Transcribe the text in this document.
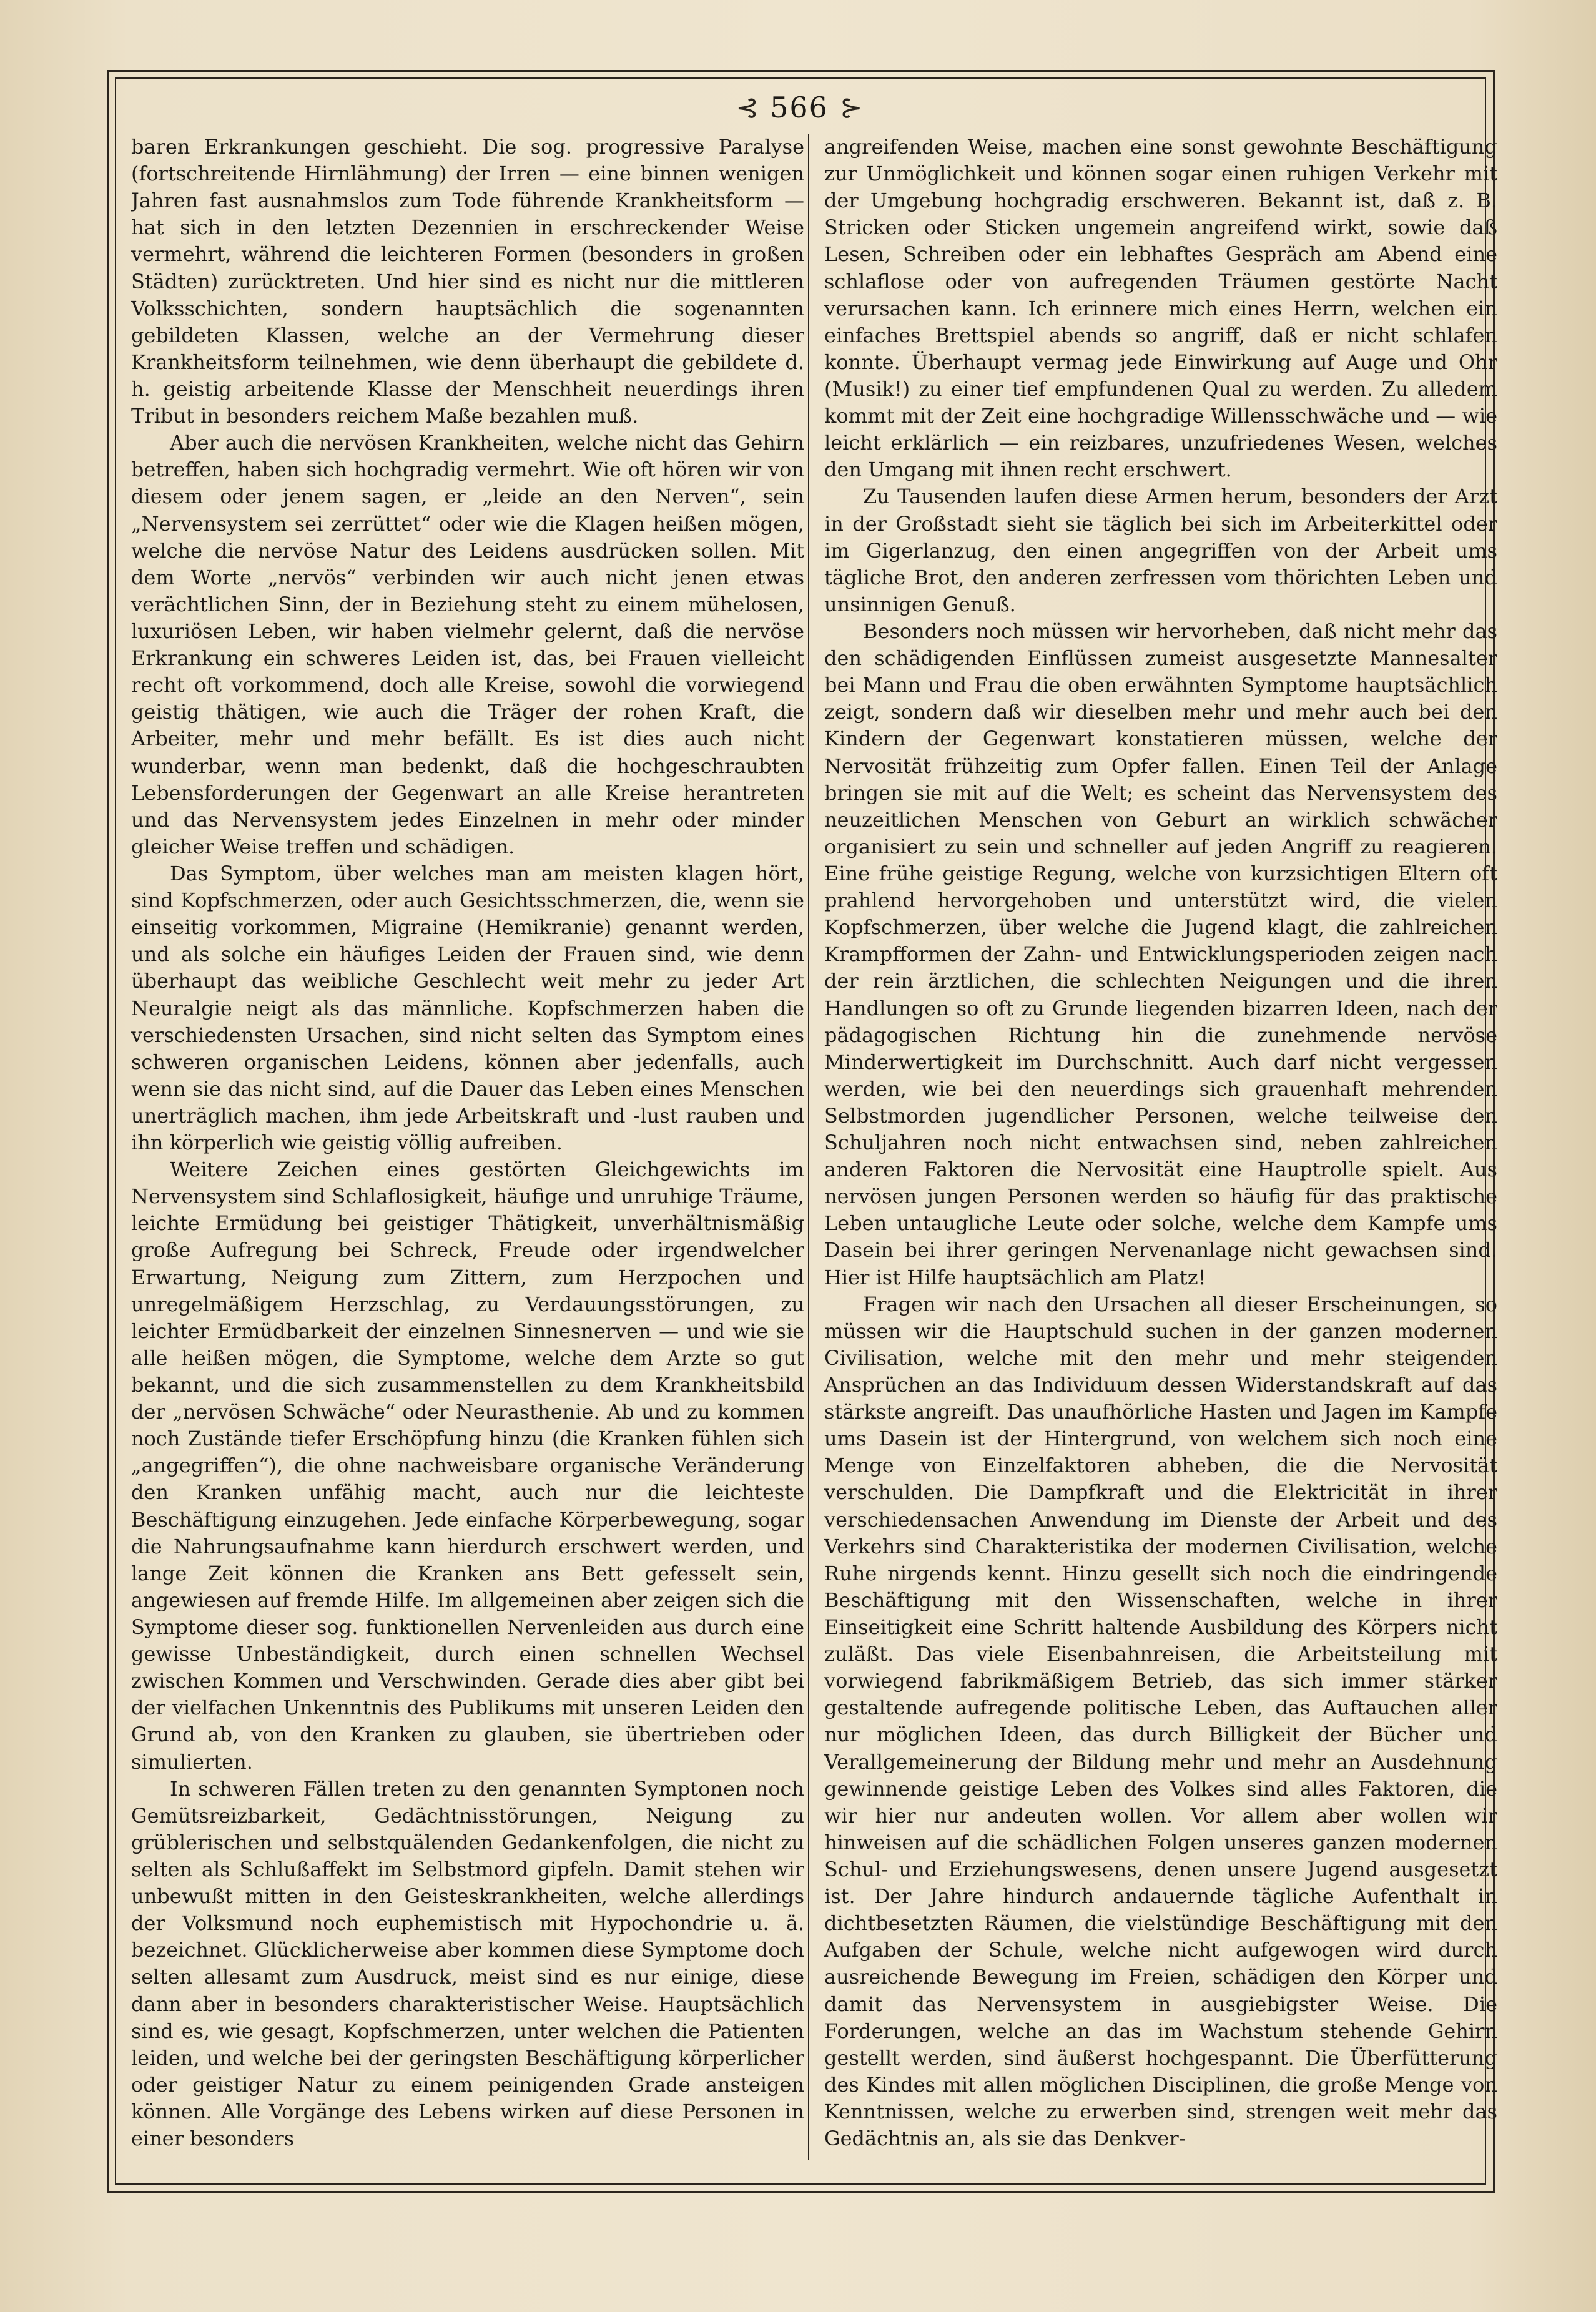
⊰ 566 ⊱

baren Erkrankungen geschieht. Die sog. progressive Paralyse (fortschreitende Hirnlähmung) der Irren — eine binnen wenigen Jahren fast ausnahmslos zum Tode führende Krankheitsform — hat sich in den letzten Dezennien in erschreckender Weise vermehrt, während die leichteren Formen (besonders in großen Städten) zurücktreten. Und hier sind es nicht nur die mittleren Volksschichten, sondern hauptsächlich die sogenannten gebildeten Klassen, welche an der Vermehrung dieser Krankheitsform teilnehmen, wie denn überhaupt die gebildete d. h. geistig arbeitende Klasse der Menschheit neuerdings ihren Tribut in besonders reichem Maße bezahlen muß.

Aber auch die nervösen Krankheiten, welche nicht das Gehirn betreffen, haben sich hochgradig vermehrt. Wie oft hören wir von diesem oder jenem sagen, er „leide an den Nerven“, sein „Nervensystem sei zerrüttet“ oder wie die Klagen heißen mögen, welche die nervöse Natur des Leidens ausdrücken sollen. Mit dem Worte „nervös“ verbinden wir auch nicht jenen etwas verächtlichen Sinn, der in Beziehung steht zu einem mühelosen, luxuriösen Leben, wir haben vielmehr gelernt, daß die nervöse Erkrankung ein schweres Leiden ist, das, bei Frauen vielleicht recht oft vorkommend, doch alle Kreise, sowohl die vorwiegend geistig thätigen, wie auch die Träger der rohen Kraft, die Arbeiter, mehr und mehr befällt. Es ist dies auch nicht wunderbar, wenn man bedenkt, daß die hochgeschraubten Lebensforderungen der Gegenwart an alle Kreise herantreten und das Nervensystem jedes Einzelnen in mehr oder minder gleicher Weise treffen und schädigen.

Das Symptom, über welches man am meisten klagen hört, sind Kopfschmerzen, oder auch Gesichtsschmerzen, die, wenn sie einseitig vorkommen, Migraine (Hemikranie) genannt werden, und als solche ein häufiges Leiden der Frauen sind, wie denn überhaupt das weibliche Geschlecht weit mehr zu jeder Art Neuralgie neigt als das männliche. Kopfschmerzen haben die verschiedensten Ursachen, sind nicht selten das Symptom eines schweren organischen Leidens, können aber jedenfalls, auch wenn sie das nicht sind, auf die Dauer das Leben eines Menschen unerträglich machen, ihm jede Arbeitskraft und -lust rauben und ihn körperlich wie geistig völlig aufreiben.

Weitere Zeichen eines gestörten Gleichgewichts im Nervensystem sind Schlaflosigkeit, häufige und unruhige Träume, leichte Ermüdung bei geistiger Thätigkeit, unverhältnismäßig große Aufregung bei Schreck, Freude oder irgendwelcher Erwartung, Neigung zum Zittern, zum Herzpochen und unregelmäßigem Herzschlag, zu Verdauungsstörungen, zu leichter Ermüdbarkeit der einzelnen Sinnesnerven — und wie sie alle heißen mögen, die Symptome, welche dem Arzte so gut bekannt, und die sich zusammenstellen zu dem Krankheitsbild der „nervösen Schwäche“ oder Neurasthenie. Ab und zu kommen noch Zustände tiefer Erschöpfung hinzu (die Kranken fühlen sich „angegriffen“), die ohne nachweisbare organische Veränderung den Kranken unfähig macht, auch nur die leichteste Beschäftigung einzugehen. Jede einfache Körperbewegung, sogar die Nahrungsaufnahme kann hierdurch erschwert werden, und lange Zeit können die Kranken ans Bett gefesselt sein, angewiesen auf fremde Hilfe. Im allgemeinen aber zeigen sich die Symptome dieser sog. funktionellen Nervenleiden aus durch eine gewisse Unbeständigkeit, durch einen schnellen Wechsel zwischen Kommen und Verschwinden. Gerade dies aber gibt bei der vielfachen Unkenntnis des Publikums mit unseren Leiden den Grund ab, von den Kranken zu glauben, sie übertrieben oder simulierten.

In schweren Fällen treten zu den genannten Symptonen noch Gemütsreizbarkeit, Gedächtnisstörungen, Neigung zu grüblerischen und selbstquälenden Gedankenfolgen, die nicht zu selten als Schlußaffekt im Selbstmord gipfeln. Damit stehen wir unbewußt mitten in den Geisteskrankheiten, welche allerdings der Volksmund noch euphemistisch mit Hypochondrie u. ä. bezeichnet. Glücklicherweise aber kommen diese Symptome doch selten allesamt zum Ausdruck, meist sind es nur einige, diese dann aber in besonders charakteristischer Weise. Hauptsächlich sind es, wie gesagt, Kopfschmerzen, unter welchen die Patienten leiden, und welche bei der geringsten Beschäftigung körperlicher oder geistiger Natur zu einem peinigenden Grade ansteigen können. Alle Vorgänge des Lebens wirken auf diese Personen in einer besonders

angreifenden Weise, machen eine sonst gewohnte Beschäftigung zur Unmöglichkeit und können sogar einen ruhigen Verkehr mit der Umgebung hochgradig erschweren. Bekannt ist, daß z. B. Stricken oder Sticken ungemein angreifend wirkt, sowie daß Lesen, Schreiben oder ein lebhaftes Gespräch am Abend eine schlaflose oder von aufregenden Träumen gestörte Nacht verursachen kann. Ich erinnere mich eines Herrn, welchen ein einfaches Brettspiel abends so angriff, daß er nicht schlafen konnte. Überhaupt vermag jede Einwirkung auf Auge und Ohr (Musik!) zu einer tief empfundenen Qual zu werden. Zu alledem kommt mit der Zeit eine hochgradige Willensschwäche und — wie leicht erklärlich — ein reizbares, unzufriedenes Wesen, welches den Umgang mit ihnen recht erschwert.

Zu Tausenden laufen diese Armen herum, besonders der Arzt in der Großstadt sieht sie täglich bei sich im Arbeiterkittel oder im Gigerlanzug, den einen angegriffen von der Arbeit ums tägliche Brot, den anderen zerfressen vom thörichten Leben und unsinnigen Genuß.

Besonders noch müssen wir hervorheben, daß nicht mehr das den schädigenden Einflüssen zumeist ausgesetzte Mannesalter bei Mann und Frau die oben erwähnten Symptome hauptsächlich zeigt, sondern daß wir dieselben mehr und mehr auch bei den Kindern der Gegenwart konstatieren müssen, welche der Nervosität frühzeitig zum Opfer fallen. Einen Teil der Anlage bringen sie mit auf die Welt; es scheint das Nervensystem des neuzeitlichen Menschen von Geburt an wirklich schwächer organisiert zu sein und schneller auf jeden Angriff zu reagieren. Eine frühe geistige Regung, welche von kurzsichtigen Eltern oft prahlend hervorgehoben und unterstützt wird, die vielen Kopfschmerzen, über welche die Jugend klagt, die zahlreichen Krampfformen der Zahn- und Entwicklungsperioden zeigen nach der rein ärztlichen, die schlechten Neigungen und die ihren Handlungen so oft zu Grunde liegenden bizarren Ideen, nach der pädagogischen Richtung hin die zunehmende nervöse Minderwertigkeit im Durchschnitt. Auch darf nicht vergessen werden, wie bei den neuerdings sich grauenhaft mehrenden Selbstmorden jugendlicher Personen, welche teilweise den Schuljahren noch nicht entwachsen sind, neben zahlreichen anderen Faktoren die Nervosität eine Hauptrolle spielt. Aus nervösen jungen Personen werden so häufig für das praktische Leben untaugliche Leute oder solche, welche dem Kampfe ums Dasein bei ihrer geringen Nervenanlage nicht gewachsen sind. Hier ist Hilfe hauptsächlich am Platz!

Fragen wir nach den Ursachen all dieser Erscheinungen, so müssen wir die Hauptschuld suchen in der ganzen modernen Civilisation, welche mit den mehr und mehr steigenden Ansprüchen an das Individuum dessen Widerstandskraft auf das stärkste angreift. Das unaufhörliche Hasten und Jagen im Kampfe ums Dasein ist der Hintergrund, von welchem sich noch eine Menge von Einzelfaktoren abheben, die die Nervosität verschulden. Die Dampfkraft und die Elektricität in ihrer verschiedensachen Anwendung im Dienste der Arbeit und des Verkehrs sind Charakteristika der modernen Civilisation, welche Ruhe nirgends kennt. Hinzu gesellt sich noch die eindringende Beschäftigung mit den Wissenschaften, welche in ihrer Einseitigkeit eine Schritt haltende Ausbildung des Körpers nicht zuläßt. Das viele Eisenbahnreisen, die Arbeitsteilung mit vorwiegend fabrikmäßigem Betrieb, das sich immer stärker gestaltende aufregende politische Leben, das Auftauchen aller nur möglichen Ideen, das durch Billigkeit der Bücher und Verallgemeinerung der Bildung mehr und mehr an Ausdehnung gewinnende geistige Leben des Volkes sind alles Faktoren, die wir hier nur andeuten wollen. Vor allem aber wollen wir hinweisen auf die schädlichen Folgen unseres ganzen modernen Schul- und Erziehungswesens, denen unsere Jugend ausgesetzt ist. Der Jahre hindurch andauernde tägliche Aufenthalt in dichtbesetzten Räumen, die vielstündige Beschäftigung mit den Aufgaben der Schule, welche nicht aufgewogen wird durch ausreichende Bewegung im Freien, schädigen den Körper und damit das Nervensystem in ausgiebigster Weise. Die Forderungen, welche an das im Wachstum stehende Gehirn gestellt werden, sind äußerst hochgespannt. Die Überfütterung des Kindes mit allen möglichen Disciplinen, die große Menge von Kenntnissen, welche zu erwerben sind, strengen weit mehr das Gedächtnis an, als sie das Denkver-
